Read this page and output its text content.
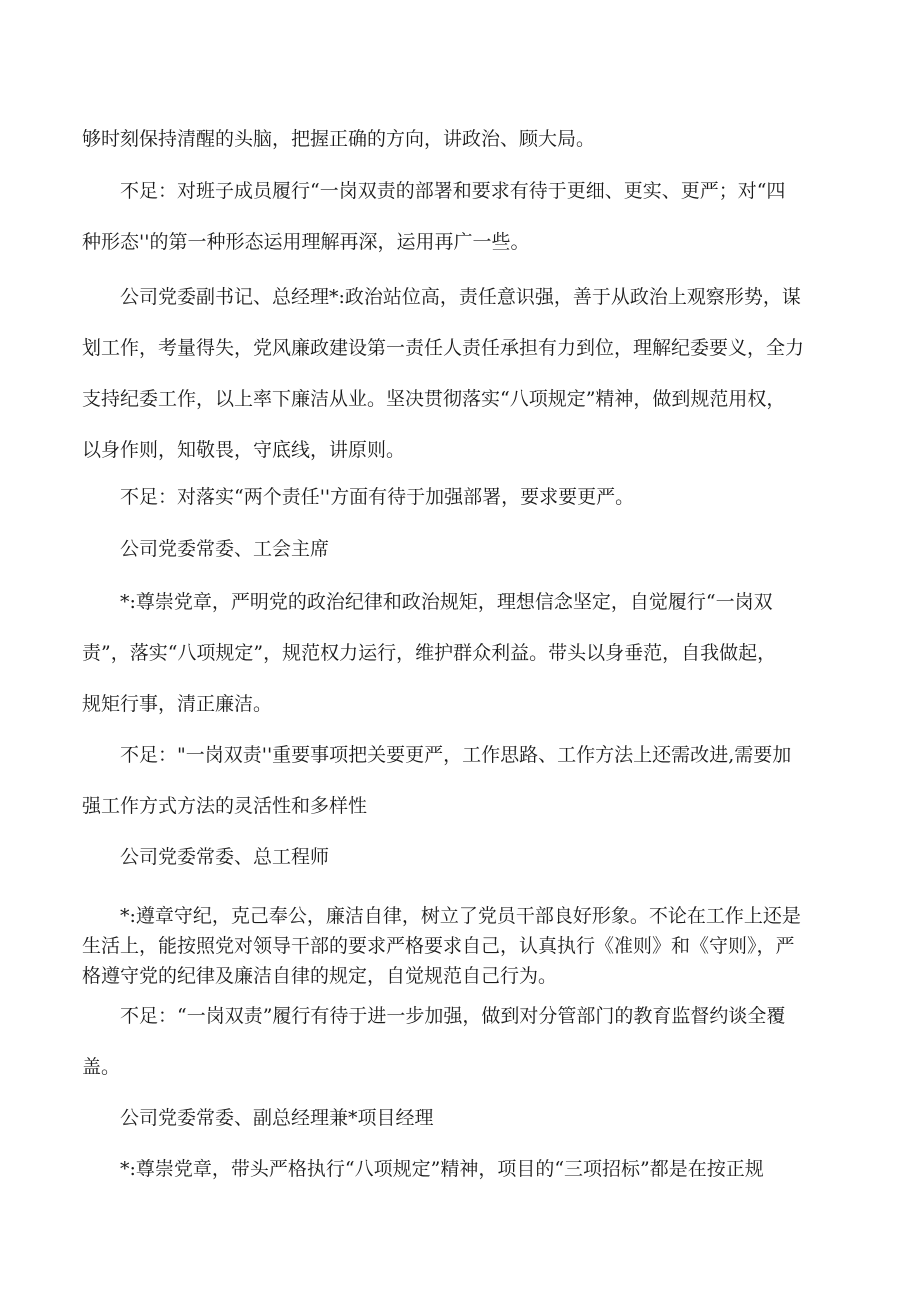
够时刻保持清醒的头脑，把握正确的方向，讲政治、顾大局。
　　不足：对班子成员履行“一岗双责的部署和要求有待于更细、更实、更严；对“四
种形态''的第一种形态运用理解再深，运用再广一些。
　　公司党委副书记、总经理*:政治站位高，责任意识强，善于从政治上观察形势，谋
划工作，考量得失，党风廉政建设第一责任人责任承担有力到位，理解纪委要义，全力
支持纪委工作，以上率下廉洁从业。坚决贯彻落实“八项规定”精神，做到规范用权，
以身作则，知敬畏，守底线，讲原则。
　　不足：对落实“两个责任''方面有待于加强部署，要求要更严。
　　公司党委常委、工会主席
　　*:尊崇党章，严明党的政治纪律和政治规矩，理想信念坚定，自觉履行“一岗双
责”，落实“八项规定”，规范权力运行，维护群众利益。带头以身垂范，自我做起，
规矩行事，清正廉洁。
　　不足："一岗双责''重要事项把关要更严，工作思路、工作方法上还需改进,需要加
强工作方式方法的灵活性和多样性
　　公司党委常委、总工程师
　　*:遵章守纪，克己奉公，廉洁自律，树立了党员干部良好形象。不论在工作上还是
生活上，能按照党对领导干部的要求严格要求自己，认真执行《准则》和《守则》，严
格遵守党的纪律及廉洁自律的规定，自觉规范自己行为。
　　不足：“一岗双责”履行有待于进一步加强，做到对分管部门的教育监督约谈全覆
盖。
　　公司党委常委、副总经理兼*项目经理
　　*:尊崇党章，带头严格执行“八项规定”精神，项目的“三项招标”都是在按正规
